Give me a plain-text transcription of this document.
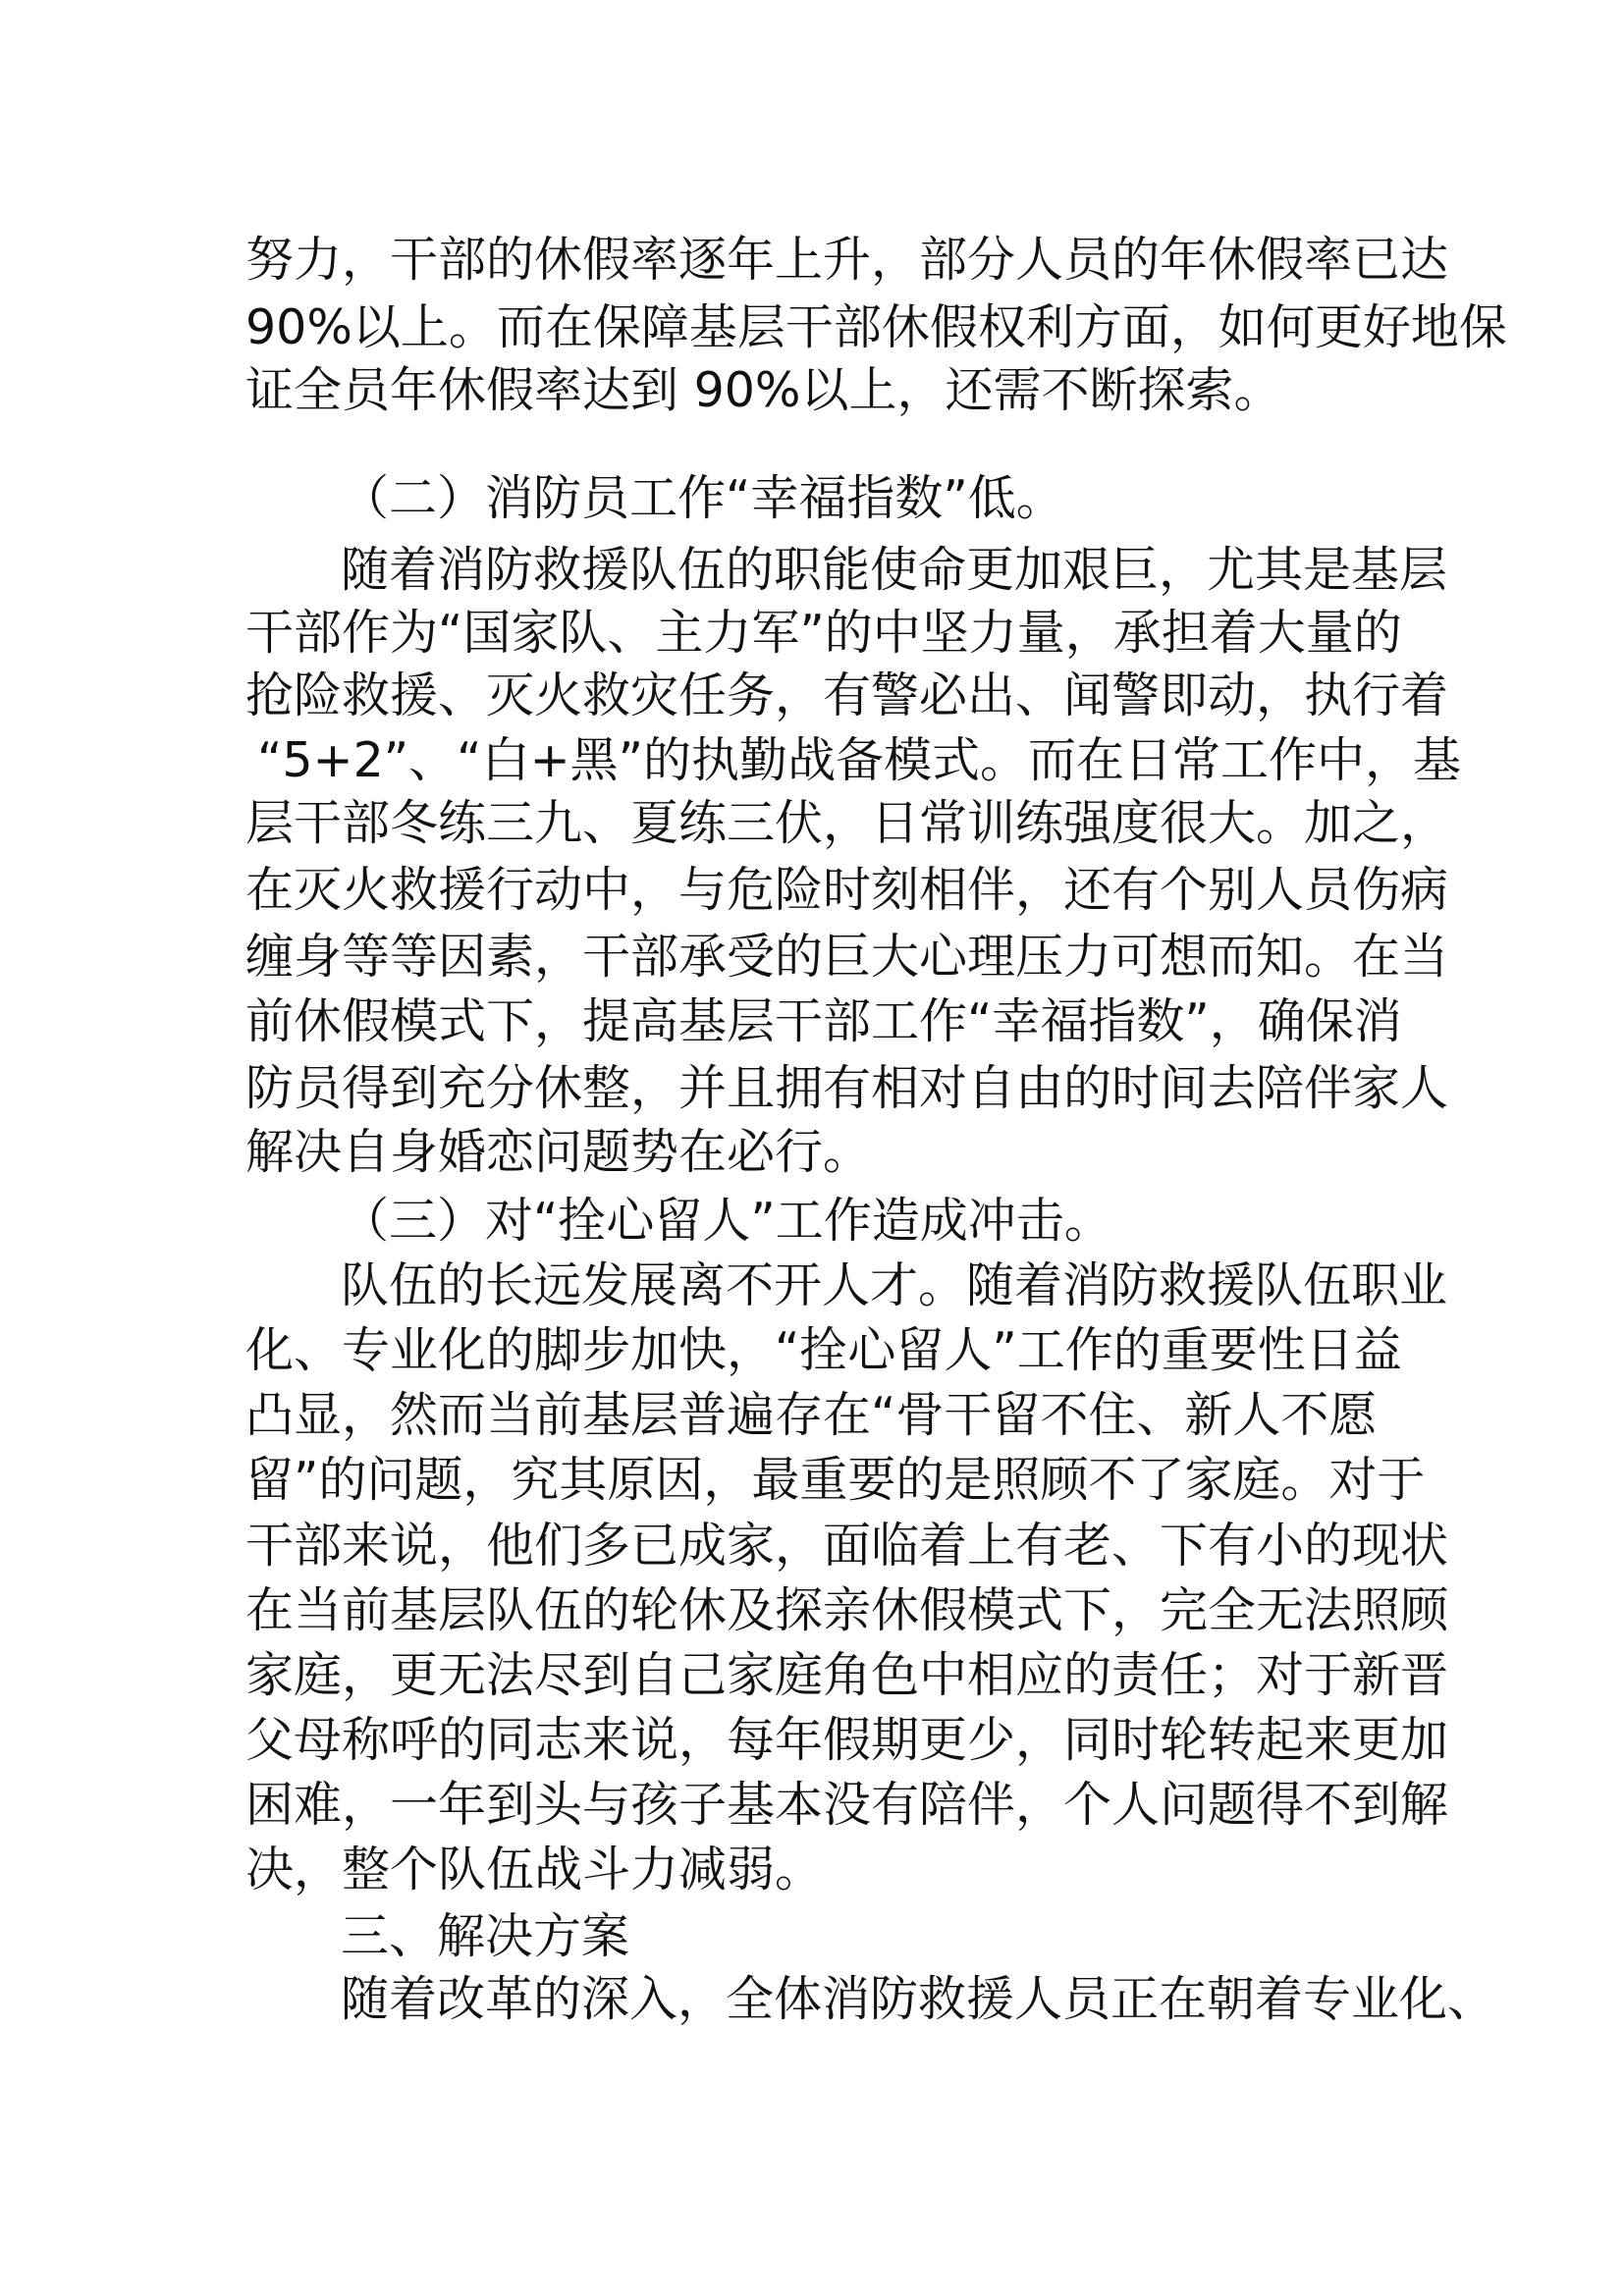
努力，干部的休假率逐年上升，部分人员的年休假率已达

90%以上。而在保障基层干部休假权利方面，如何更好地保

证全员年休假率达到 90%以上，还需不断探索。

（二）消防员工作“幸福指数”低。

随着消防救援队伍的职能使命更加艰巨，尤其是基层

干部作为“国家队、主力军”的中坚力量，承担着大量的

抢险救援、灭火救灾任务，有警必出、闻警即动，执行着

“5+2”、“白+黑”的执勤战备模式。而在日常工作中，基

层干部冬练三九、夏练三伏，日常训练强度很大。加之，

在灭火救援行动中，与危险时刻相伴，还有个别人员伤病

缠身等等因素，干部承受的巨大心理压力可想而知。在当

前休假模式下，提高基层干部工作“幸福指数”，确保消

防员得到充分休整，并且拥有相对自由的时间去陪伴家人

解决自身婚恋问题势在必行。

（三）对“拴心留人”工作造成冲击。

队伍的长远发展离不开人才。随着消防救援队伍职业

化、专业化的脚步加快，“拴心留人”工作的重要性日益

凸显，然而当前基层普遍存在“骨干留不住、新人不愿

留”的问题，究其原因，最重要的是照顾不了家庭。对于

干部来说，他们多已成家，面临着上有老、下有小的现状

在当前基层队伍的轮休及探亲休假模式下，完全无法照顾

家庭，更无法尽到自己家庭角色中相应的责任；对于新晋

父母称呼的同志来说，每年假期更少，同时轮转起来更加

困难，一年到头与孩子基本没有陪伴，个人问题得不到解

决，整个队伍战斗力减弱。

三、解决方案

随着改革的深入，全体消防救援人员正在朝着专业化、
